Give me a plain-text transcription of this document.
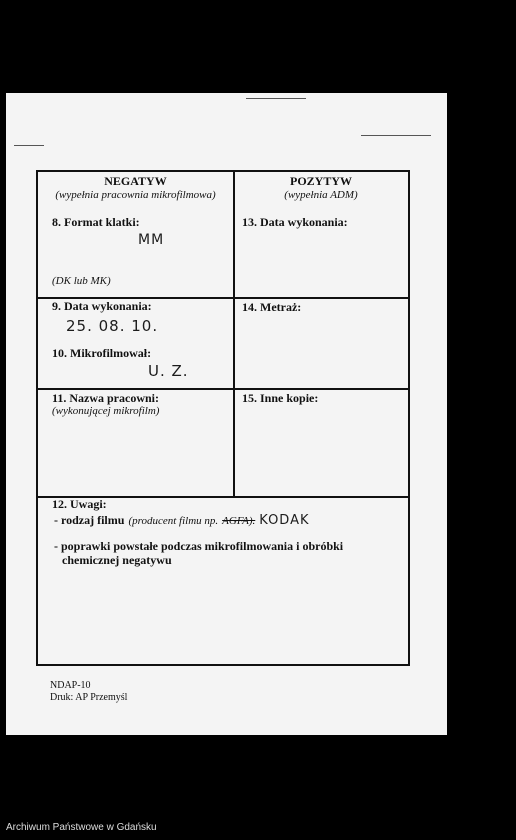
NEGATYW
(wypełnia pracownia mikrofilmowa)
8. Format klatki:
MM
(DK lub MK)
9. Data wykonania:
25. 08. 10.
10. Mikrofilmował:
U. Z.
11. Nazwa pracowni:
(wykonującej mikrofilm)
POZYTYW
(wypełnia ADM)
13. Data wykonania:
14. Metraż:
15. Inne kopie:
12. Uwagi:
- rodzaj filmu (producent filmu np. AGFA). KODAK
- poprawki powstałe podczas mikrofilmowania i obróbki
chemicznej negatywu
NDAP-10
Druk: AP Przemyśl
Archiwum Państwowe w Gdańsku
